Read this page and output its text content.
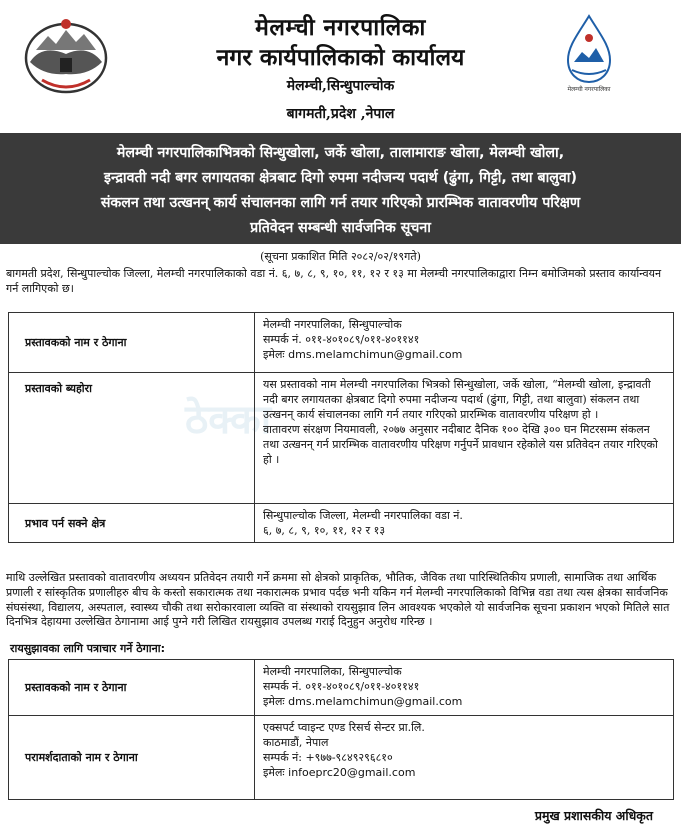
ठेक्का
मेलम्ची नगरपालिका
नगर कार्यपालिकाको कार्यालय
मेलम्ची,सिन्धुपाल्चोक
बागमती,प्रदेश ,नेपाल
मेलम्ची नगरपालिका
मेलम्ची नगरपालिकाभित्रको सिन्धुखोला, जर्के खोला, तालामाराङ खोला, मेलम्ची खोला,
इन्द्रावती नदी बगर लगायतका क्षेत्रबाट दिगो रुपमा नदीजन्य पदार्थ (ढुंगा, गिट्टी, तथा बालुवा)
संकलन तथा उत्खनन् कार्य संचालनका लागि गर्न तयार गरिएको प्रारम्भिक वातावरणीय परिक्षण
प्रतिवेदन सम्बन्धी सार्वजनिक सूचना
(सूचना प्रकाशित मिति २०८२/०२/१९गते)
बागमती प्रदेश, सिन्धुपाल्चोक जिल्ला, मेलम्ची नगरपालिकाको वडा नं. ६, ७, ८, ९, १०, ११, १२ र १३ मा मेलम्ची नगरपालिकाद्वारा निम्न बमोजिमको प्रस्ताव कार्यान्वयन गर्न लागिएको छ।
प्रस्तावकको नाम र ठेगाना	मेलम्ची नगरपालिका, सिन्धुपाल्चोक
सम्पर्क नं. ०११-४०१०८९/०११-४०११४१
इमेलः dms.melamchimun@gmail.com

प्रस्तावको ब्यहोरा	यस प्रस्तावको नाम मेलम्ची नगरपालिका भित्रको सिन्धुखोला, जर्के खोला, “मेलम्ची खोला, इन्द्रावती नदी बगर लगायतका क्षेत्रबाट दिगो रुपमा नदीजन्य पदार्थ (ढुंगा, गिट्टी, तथा बालुवा) संकलन तथा उत्खनन् कार्य संचालनका लागि गर्न तयार गरिएको प्रारम्भिक वातावरणीय परिक्षण हो ।
वातावरण संरक्षण नियमावली, २०७७ अनुसार नदीबाट दैनिक १०० देखि ३०० घन मिटरसम्म संकलन तथा उत्खनन् गर्न प्रारम्भिक वातावरणीय परिक्षण गर्नुपर्ने प्रावधान रहेकोले यस प्रतिवेदन तयार गरिएको हो ।

प्रभाव पर्न सक्ने क्षेत्र	सिन्धुपाल्चोक जिल्ला, मेलम्ची नगरपालिका वडा नं.
६, ७, ८, ९, १०, ११, १२ र १३
माथि उल्लेखित प्रस्तावको वातावरणीय अध्ययन प्रतिवेदन तयारी गर्ने क्रममा सो क्षेत्रको प्राकृतिक, भौतिक, जैविक तथा पारिस्थितिकीय प्रणाली, सामाजिक तथा आर्थिक प्रणाली र सांस्कृतिक प्रणालीहरु बीच के कस्तो सकारात्मक तथा नकारात्मक प्रभाव पर्दछ भनी यकिन गर्न मेलम्ची नगरपालिकाको विभिन्न वडा तथा त्यस क्षेत्रका सार्वजनिक संघसंस्था, विद्यालय, अस्पताल, स्वास्थ्य चौकी तथा सरोकारवाला व्यक्ति वा संस्थाको रायसुझाव लिन आवश्यक भएकोले यो सार्वजनिक सूचना प्रकाशन भएको मितिले सात दिनभित्र देहायमा उल्लेखित ठेगानामा आई पुग्ने गरी लिखित रायसुझाव उपलब्ध गराई दिनुहुन अनुरोध गरिन्छ ।
रायसुझावका लागि पत्राचार गर्ने ठेगाना:
प्रस्तावकको नाम र ठेगाना	मेलम्ची नगरपालिका, सिन्धुपाल्चोक
सम्पर्क नं. ०११-४०१०८९/०११-४०११४१
इमेलः dms.melamchimun@gmail.com

परामर्शदाताको नाम र ठेगाना	एक्सपर्ट प्वाइन्ट एण्ड रिसर्च सेन्टर प्रा.लि.
काठमाडौं, नेपाल
सम्पर्क नं: +९७७-९८४९२९६८१०
इमेलः infoeprc20@gmail.com
प्रमुख प्रशासकीय अधिकृत
